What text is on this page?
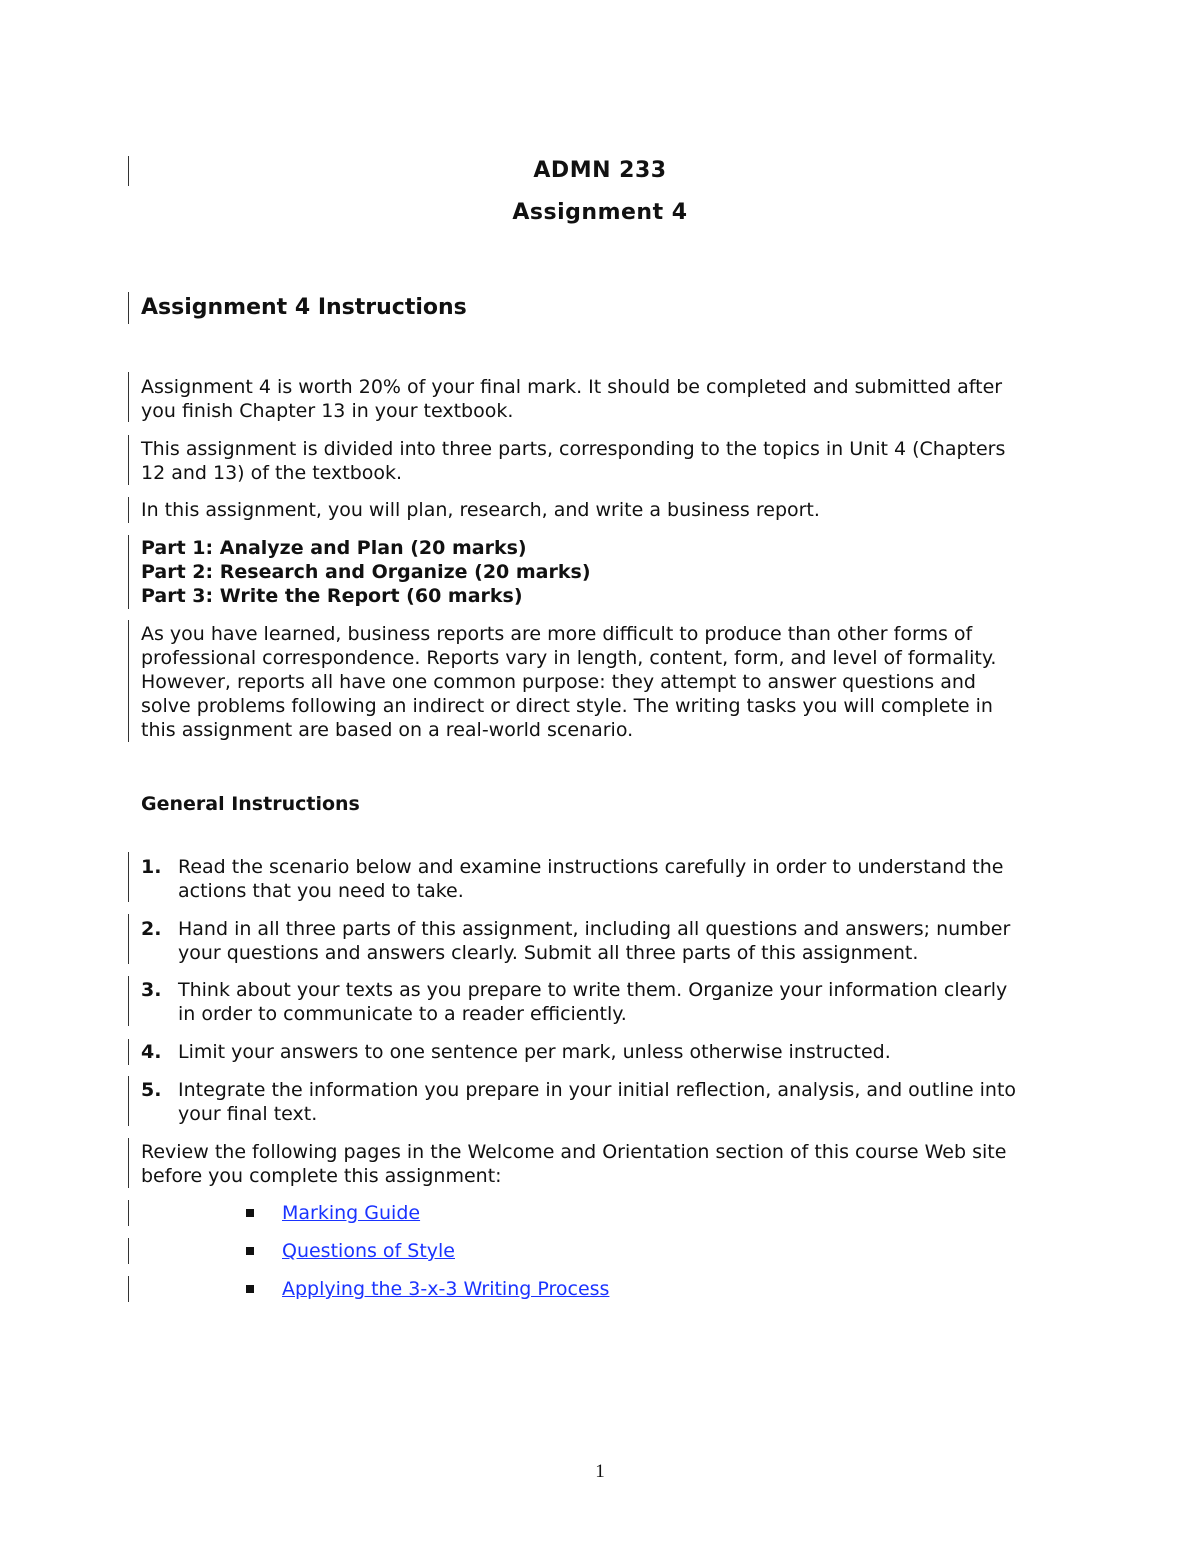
ADMN 233
Assignment 4
Assignment 4 Instructions
Assignment 4 is worth 20% of your final mark. It should be completed and submitted after
you finish Chapter 13 in your textbook.
This assignment is divided into three parts, corresponding to the topics in Unit 4 (Chapters
12 and 13) of the textbook.
In this assignment, you will plan, research, and write a business report.
Part 1: Analyze and Plan (20 marks)
Part 2: Research and Organize (20 marks)
Part 3: Write the Report (60 marks)
As you have learned, business reports are more difficult to produce than other forms of
professional correspondence. Reports vary in length, content, form, and level of formality.
However, reports all have one common purpose: they attempt to answer questions and
solve problems following an indirect or direct style. The writing tasks you will complete in
this assignment are based on a real-world scenario.
General Instructions
1. Read the scenario below and examine instructions carefully in order to understand the
actions that you need to take.
2. Hand in all three parts of this assignment, including all questions and answers; number
your questions and answers clearly. Submit all three parts of this assignment.
3. Think about your texts as you prepare to write them. Organize your information clearly
in order to communicate to a reader efficiently.
4. Limit your answers to one sentence per mark, unless otherwise instructed.
5. Integrate the information you prepare in your initial reflection, analysis, and outline into
your final text.
Review the following pages in the Welcome and Orientation section of this course Web site
before you complete this assignment:
Marking Guide
Questions of Style
Applying the 3-x-3 Writing Process
1
